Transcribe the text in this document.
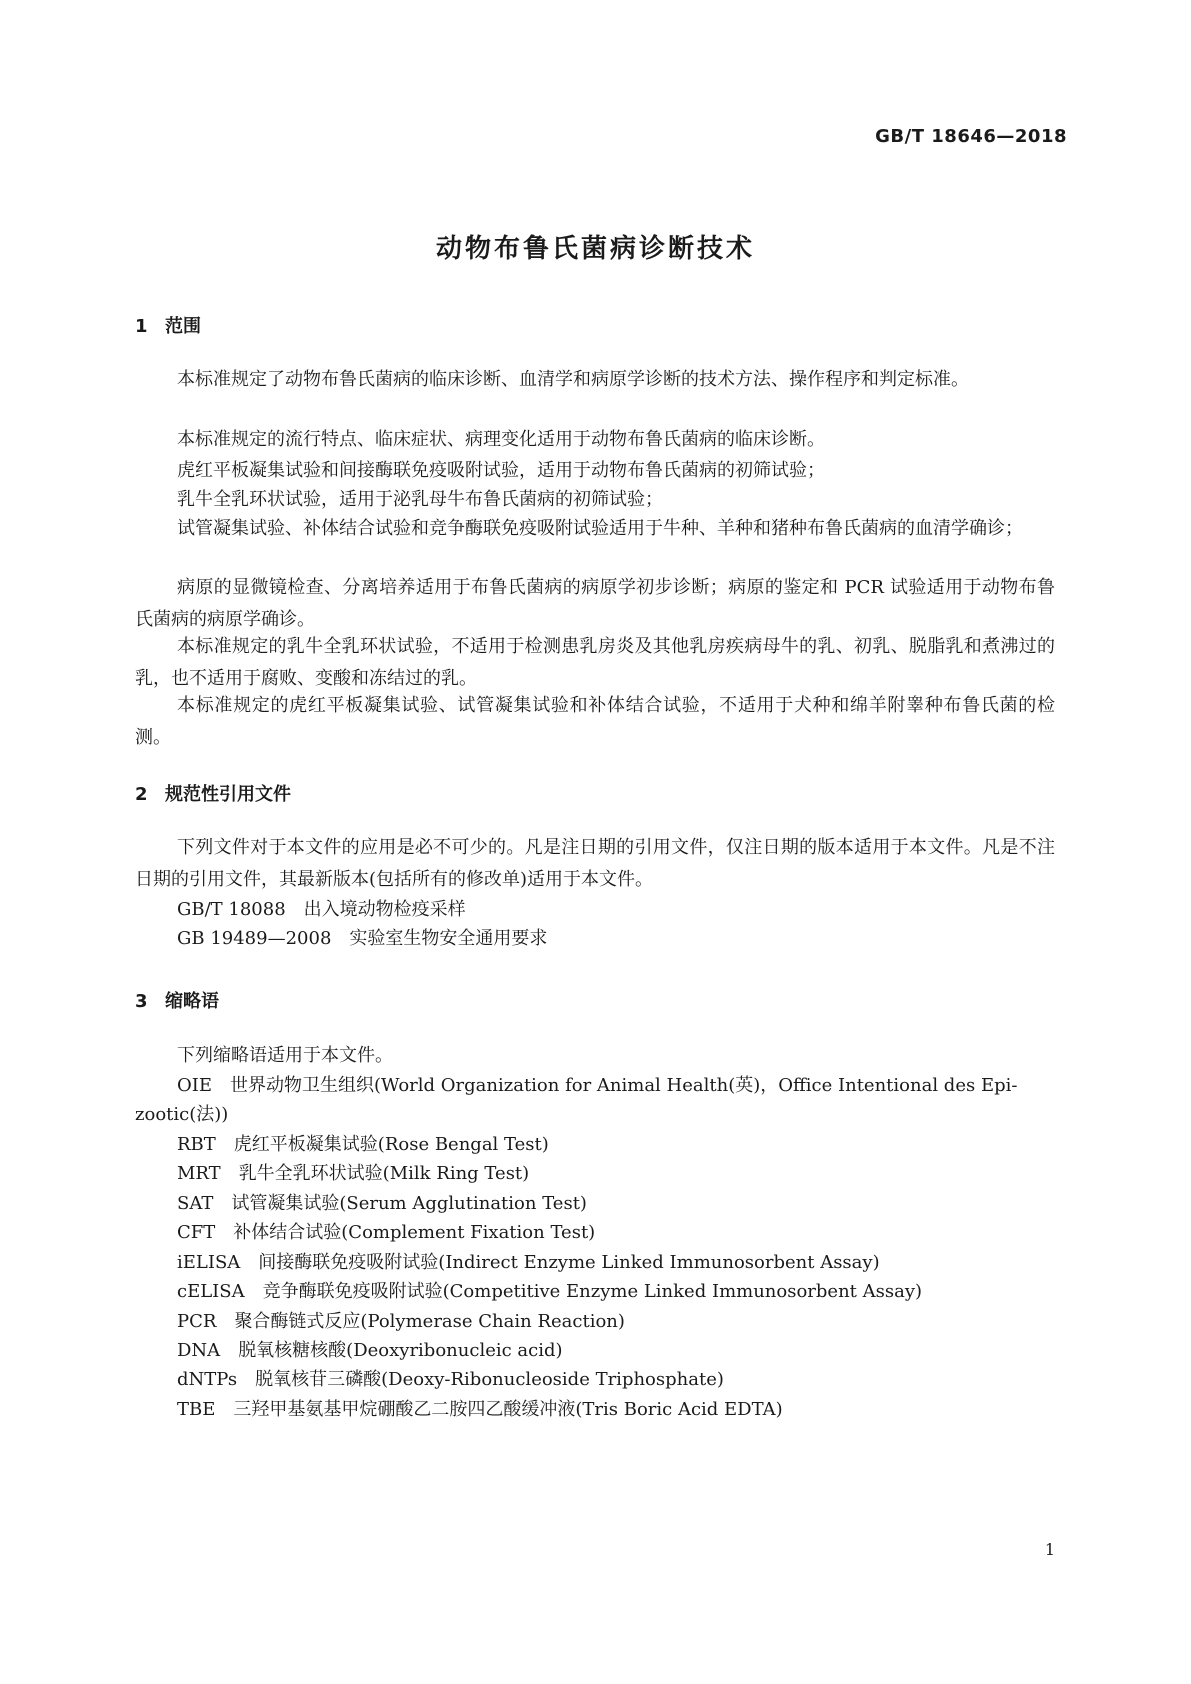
GB/T 18646—2018
动物布鲁氏菌病诊断技术
1 范围
本标准规定了动物布鲁氏菌病的临床诊断、血清学和病原学诊断的技术方法、操作程序和判定标准。
本标准规定的流行特点、临床症状、病理变化适用于动物布鲁氏菌病的临床诊断。
虎红平板凝集试验和间接酶联免疫吸附试验，适用于动物布鲁氏菌病的初筛试验；
乳牛全乳环状试验，适用于泌乳母牛布鲁氏菌病的初筛试验；
试管凝集试验、补体结合试验和竞争酶联免疫吸附试验适用于牛种、羊种和猪种布鲁氏菌病的血清学确诊；
病原的显微镜检查、分离培养适用于布鲁氏菌病的病原学初步诊断；病原的鉴定和 PCR 试验适用于动物布鲁氏菌病的病原学确诊。
本标准规定的乳牛全乳环状试验，不适用于检测患乳房炎及其他乳房疾病母牛的乳、初乳、脱脂乳和煮沸过的乳，也不适用于腐败、变酸和冻结过的乳。
本标准规定的虎红平板凝集试验、试管凝集试验和补体结合试验，不适用于犬种和绵羊附睾种布鲁氏菌的检测。
2 规范性引用文件
下列文件对于本文件的应用是必不可少的。凡是注日期的引用文件，仅注日期的版本适用于本文件。凡是不注日期的引用文件，其最新版本(包括所有的修改单)适用于本文件。
GB/T 18088 出入境动物检疫采样
GB 19489—2008 实验室生物安全通用要求
3 缩略语
下列缩略语适用于本文件。
OIE 世界动物卫生组织(World Organization for Animal Health(英)，Office Intentional des Epi-
zootic(法))
RBT 虎红平板凝集试验(Rose Bengal Test)
MRT 乳牛全乳环状试验(Milk Ring Test)
SAT 试管凝集试验(Serum Agglutination Test)
CFT 补体结合试验(Complement Fixation Test)
iELISA 间接酶联免疫吸附试验(Indirect Enzyme Linked Immunosorbent Assay)
cELISA 竞争酶联免疫吸附试验(Competitive Enzyme Linked Immunosorbent Assay)
PCR 聚合酶链式反应(Polymerase Chain Reaction)
DNA 脱氧核糖核酸(Deoxyribonucleic acid)
dNTPs 脱氧核苷三磷酸(Deoxy-Ribonucleoside Triphosphate)
TBE 三羟甲基氨基甲烷硼酸乙二胺四乙酸缓冲液(Tris Boric Acid EDTA)
1
